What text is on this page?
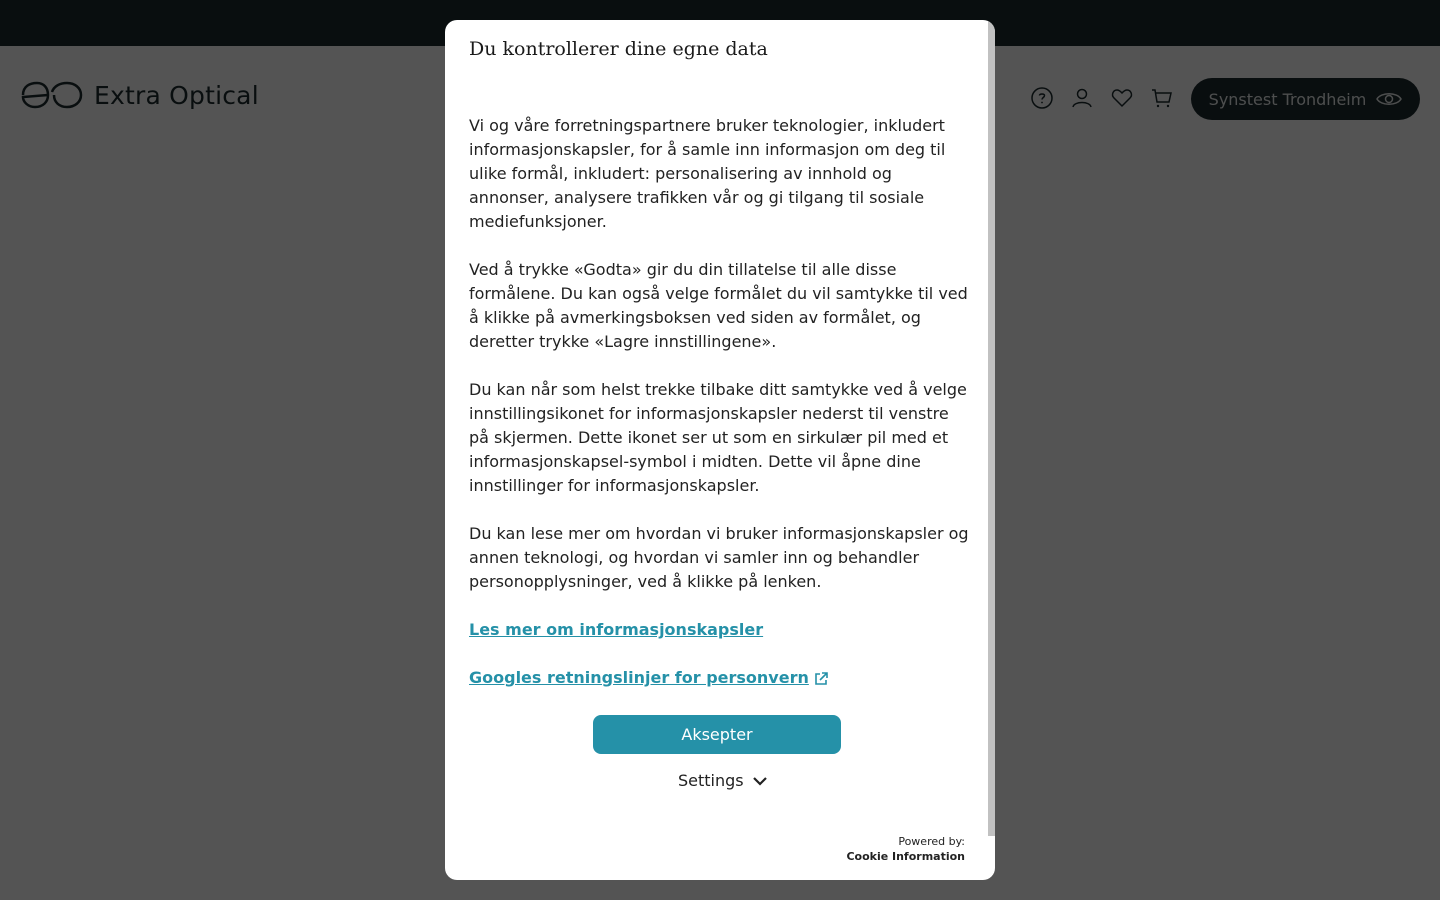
Du kontrollerer dine egne data

Vi og våre forretningspartnere bruker teknologier, inkludert informasjonskapsler, for å samle inn informasjon om deg til ulike formål, inkludert: personalisering av innhold og annonser, analysere trafikken vår og gi tilgang til sosiale mediefunksjoner.

Ved å trykke «Godta» gir du din tillatelse til alle disse formålene. Du kan også velge formålet du vil samtykke til ved å klikke på avmerkingsboksen ved siden av formålet, og deretter trykke «Lagre innstillingene».

Du kan når som helst trekke tilbake ditt samtykke ved å velge innstillingsikonet for informasjonskapsler nederst til venstre på skjermen. Dette ikonet ser ut som en sirkulær pil med et informasjonskapsel-symbol i midten. Dette vil åpne dine innstillinger for informasjonskapsler.

Du kan lese mer om hvordan vi bruker informasjonskapsler og annen teknologi, og hvordan vi samler inn og behandler personopplysninger, ved å klikke på lenken.

Les mer om informasjonskapsler
Googles retningslinjer for personvern
Aksepter
Settings
Powered by:
Cookie Information
